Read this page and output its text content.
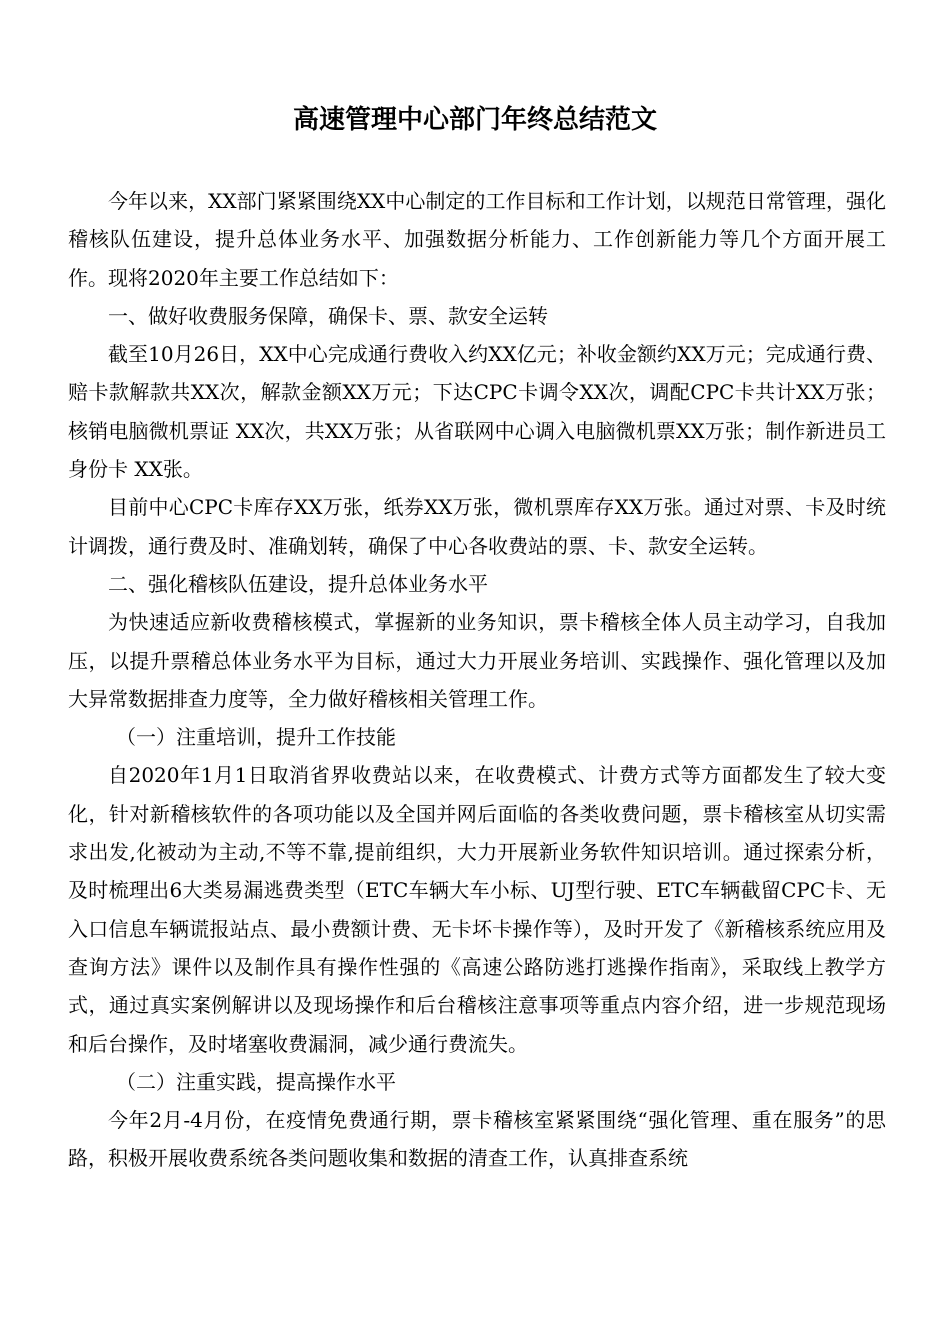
高速管理中心部门年终总结范文

今年以来，XX部门紧紧围绕XX中心制定的工作目标和工作计划，以规范日常管理，强化稽核队伍建设，提升总体业务水平、加强数据分析能力、工作创新能力等几个方面开展工作。现将2020年主要工作总结如下：

一、做好收费服务保障，确保卡、票、款安全运转

截至10月26日，XX中心完成通行费收入约XX亿元；补收金额约XX万元；完成通行费、赔卡款解款共XX次，解款金额XX万元；下达CPC卡调令XX次，调配CPC卡共计XX万张；核销电脑微机票证 XX次，共XX万张；从省联网中心调入电脑微机票XX万张；制作新进员工身份卡 XX张。

目前中心CPC卡库存XX万张，纸券XX万张，微机票库存XX万张。通过对票、卡及时统计调拨，通行费及时、准确划转，确保了中心各收费站的票、卡、款安全运转。

二、强化稽核队伍建设，提升总体业务水平

为快速适应新收费稽核模式，掌握新的业务知识，票卡稽核全体人员主动学习，自我加压，以提升票稽总体业务水平为目标，通过大力开展业务培训、实践操作、强化管理以及加大异常数据排查力度等，全力做好稽核相关管理工作。

（一）注重培训，提升工作技能

自2020年1月1日取消省界收费站以来，在收费模式、计费方式等方面都发生了较大变化，针对新稽核软件的各项功能以及全国并网后面临的各类收费问题，票卡稽核室从切实需求出发,化被动为主动,不等不靠,提前组织，大力开展新业务软件知识培训。通过探索分析，及时梳理出6大类易漏逃费类型（ETC车辆大车小标、UJ型行驶、ETC车辆截留CPC卡、无入口信息车辆谎报站点、最小费额计费、无卡坏卡操作等），及时开发了《新稽核系统应用及查询方法》课件以及制作具有操作性强的《高速公路防逃打逃操作指南》，采取线上教学方式，通过真实案例解讲以及现场操作和后台稽核注意事项等重点内容介绍，进一步规范现场和后台操作，及时堵塞收费漏洞，减少通行费流失。

（二）注重实践，提高操作水平

今年2月-4月份，在疫情免费通行期，票卡稽核室紧紧围绕“强化管理、重在服务”的思路，积极开展收费系统各类问题收集和数据的清查工作，认真排查系统
